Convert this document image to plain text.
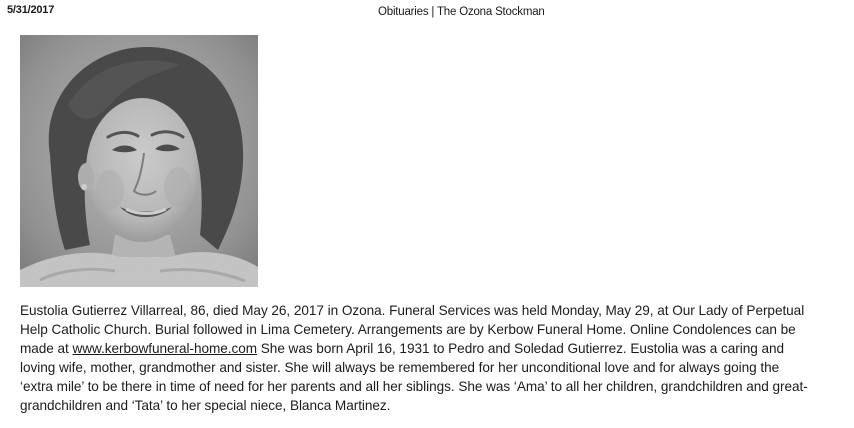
5/31/2017	Obituaries | The Ozona Stockman

Eustolia Gutierrez Villarreal, 86, died May 26, 2017 in Ozona. Funeral Services was held Monday, May 29, at Our Lady of Perpetual

Help Catholic Church. Burial followed in Lima Cemetery. Arrangements are by Kerbow Funeral Home. Online Condolences can be

made at www.kerbowfuneral-home.com She was born April 16, 1931 to Pedro and Soledad Gutierrez. Eustolia was a caring and

loving wife, mother, grandmother and sister. She will always be remembered for her unconditional love and for always going the

‘extra mile’ to be there in time of need for her parents and all her siblings. She was ‘Ama’ to all her children, grandchildren and great-

grandchildren and ‘Tata’ to her special niece, Blanca Martinez.
